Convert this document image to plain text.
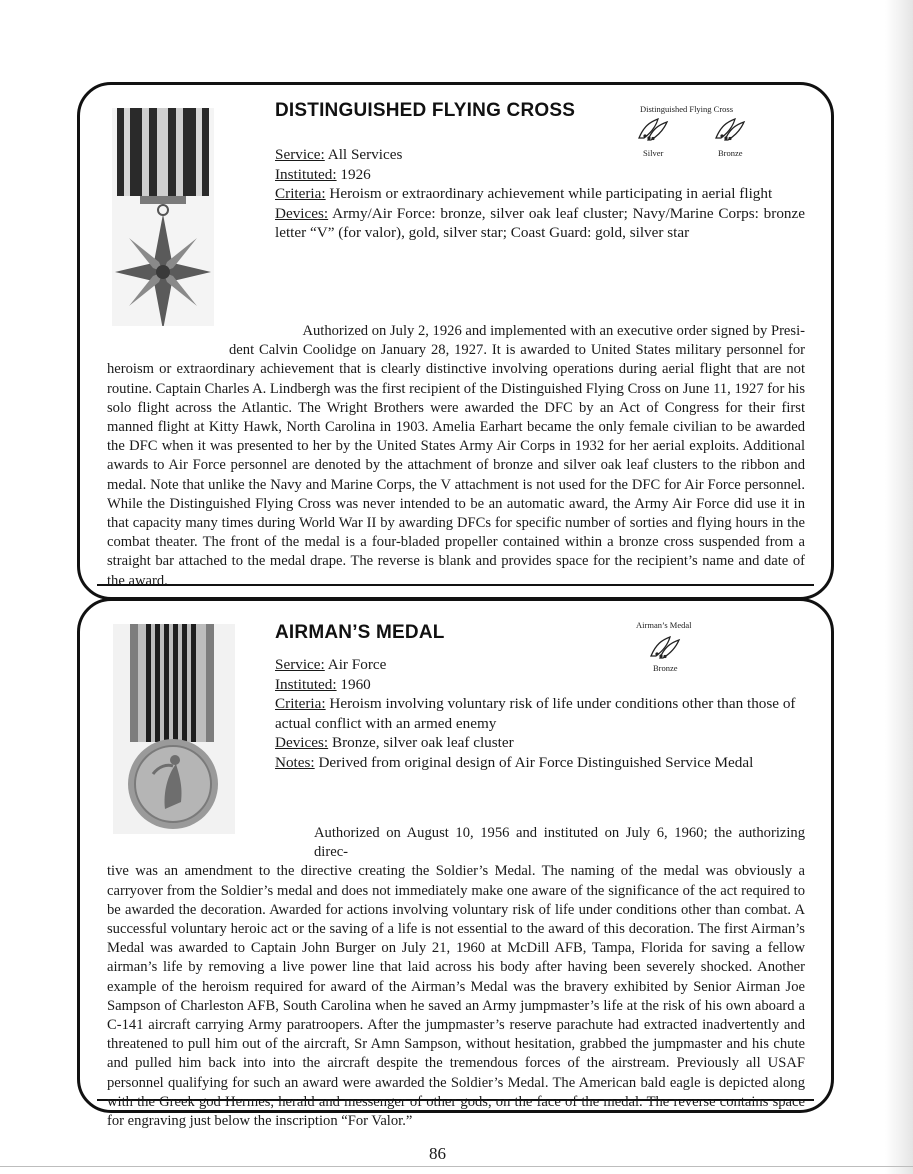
DISTINGUISHED FLYING CROSS	Distinguished Flying Cross
Silver	Bronze
Service: All Services
Instituted: 1926
Criteria: Heroism or extraordinary achievement while participating in aerial flight
Devices: Army/Air Force: bronze, silver oak leaf cluster; Navy/Marine Corps: bronze letter “V” (for valor), gold, silver star; Coast Guard: gold, silver star
Authorized on July 2, 1926 and implemented with an executive order signed by Presi-
dent Calvin Coolidge on January 28, 1927. It is awarded to United States military personnel for heroism or extraordinary achievement that is clearly distinctive involving operations during aerial flight that are not routine. Captain Charles A. Lindbergh was the first recipient of the Distinguished Flying Cross on June 11, 1927 for his solo flight across the Atlantic. The Wright Brothers were awarded the DFC by an Act of Congress for their first manned flight at Kitty Hawk, North Carolina in 1903. Amelia Earhart became the only female civilian to be awarded the DFC when it was presented to her by the United States Army Air Corps in 1932 for her aerial exploits. Additional awards to Air Force personnel are denoted by the attachment of bronze and silver oak leaf clusters to the ribbon and medal. Note that unlike the Navy and Marine Corps, the V attachment is not used for the DFC for Air Force personnel. While the Distinguished Flying Cross was never intended to be an automatic award, the Army Air Force did use it in that capacity many times during World War II by awarding DFCs for specific number of sorties and flying hours in the combat theater. The front of the medal is a four-bladed propeller contained within a bronze cross suspended from a straight bar attached to the medal drape. The reverse is blank and provides space for the recipient’s name and date of the award.
AIRMAN’S MEDAL	Airman’s Medal
Bronze
Service: Air Force
Instituted: 1960
Criteria: Heroism involving voluntary risk of life under conditions other than those of actual conflict with an armed enemy
Devices: Bronze, silver oak leaf cluster
Notes: Derived from original design of Air Force Distinguished Service Medal
Authorized on August 10, 1956 and instituted on July 6, 1960; the authorizing direc-
tive was an amendment to the directive creating the Soldier’s Medal. The naming of the medal was obviously a carryover from the Soldier’s medal and does not immediately make one aware of the significance of the act required to be awarded the decoration. Awarded for actions involving voluntary risk of life under conditions other than combat. A successful voluntary heroic act or the saving of a life is not essential to the award of this decoration. The first Airman’s Medal was awarded to Captain John Burger on July 21, 1960 at McDill AFB, Tampa, Florida for saving a fellow airman’s life by removing a live power line that laid across his body after having been severely shocked. Another example of the heroism required for award of the Airman’s Medal was the bravery exhibited by Senior Airman Joe Sampson of Charleston AFB, South Carolina when he saved an Army jumpmaster’s life at the risk of his own aboard a C-141 aircraft carrying Army paratroopers. After the jumpmaster’s reserve parachute had extracted inadvertently and threatened to pull him out of the aircraft, Sr Amn Sampson, without hesitation, grabbed the jumpmaster and his chute and pulled him back into into the aircraft despite the tremendous forces of the airstream. Previously all USAF personnel qualifying for such an award were awarded the Soldier’s Medal. The American bald eagle is depicted along with the Greek god Hermes, herald and messenger of other gods, on the face of the medal. The reverse contains space for engraving just below the inscription “For Valor.”
86
